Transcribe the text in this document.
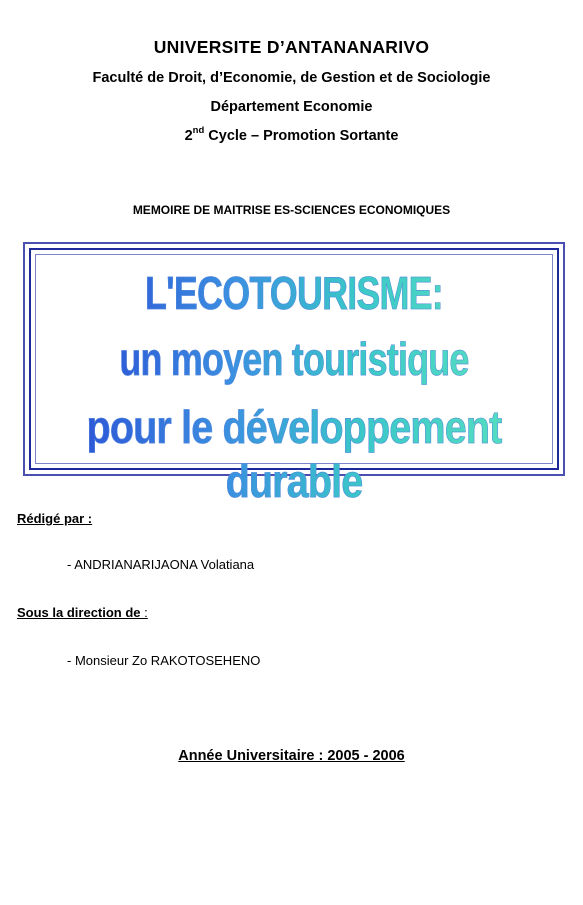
UNIVERSITE D’ANTANANARIVO
Faculté de Droit, d’Economie, de Gestion et de Sociologie
Département Economie
2nd Cycle – Promotion Sortante
MEMOIRE DE MAITRISE ES-SCIENCES ECONOMIQUES
L'ECOTOURISME:
un moyen touristique
pour le développement durable
Rédigé par :
- ANDRIANARIJAONA Volatiana
Sous la direction de :
- Monsieur Zo RAKOTOSEHENO
Année Universitaire : 2005 - 2006
